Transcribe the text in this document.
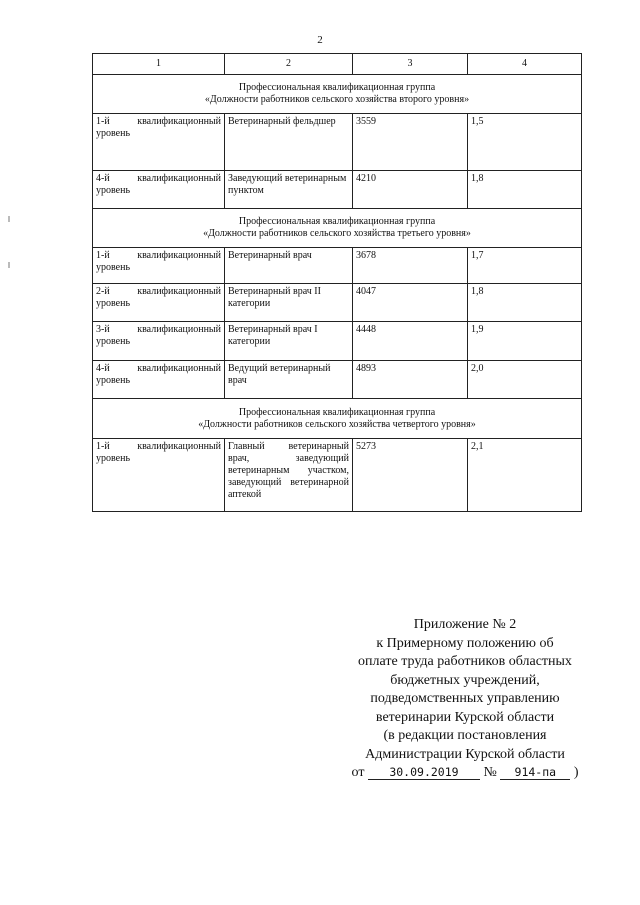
2
1	2	3	4

Профессиональная квалификационная группа
«Должности работников сельского хозяйства второго уровня»			

1-й квалификационный уровень	Ветеринарный фельдшер	3559	1,5

4-й квалификационный уровень	Заведующий ветеринарным пунктом	4210	1,8

Профессиональная квалификационная группа
«Должности работников сельского хозяйства третьего уровня»			

1-й квалификационный уровень	Ветеринарный врач	3678	1,7

2-й квалификационный уровень	Ветеринарный врач II категории	4047	1,8

3-й квалификационный уровень	Ветеринарный врач I категории	4448	1,9

4-й квалификационный уровень	Ведущий ветеринарный врач	4893	2,0

Профессиональная квалификационная группа
«Должности работников сельского хозяйства четвертого уровня»			

1-й квалификационный уровень	Главный ветеринарный врач, заведующий ветеринарным участком, заведующий ветеринарной аптекой	5273	2,1
Приложение № 2
к Примерному положению об
оплате труда работников областных
бюджетных учреждений,
подведомственных управлению
ветеринарии Курской области
(в редакции постановления
Администрации Курской области
от 30.09.2019 № 914-па )
